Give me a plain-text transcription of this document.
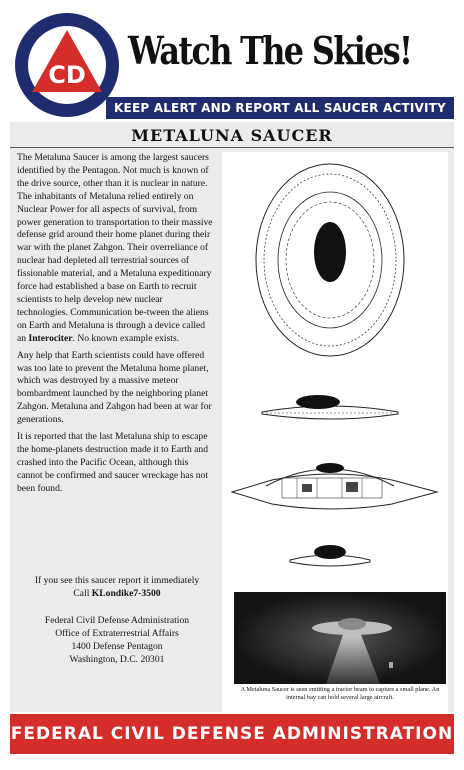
CD
Watch The Skies!
KEEP ALERT AND REPORT ALL SAUCER ACTIVITY
METALUNA SAUCER

The Metaluna Saucer is among the largest saucers identified by the Pentagon. Not much is known of the drive source, other than it is nuclear in nature. The inhabitants of Metaluna relied entirely on Nuclear Power for all aspects of survival, from power generation to transportation to their massive defense grid around their home planet during their war with the planet Zahgon. Their overreliance of nuclear had depleted all terrestrial sources of fissionable material, and a Metaluna expeditionary force had established a base on Earth to recruit scientists to help develop new nuclear technologies. Communication be-tween the aliens on Earth and Metaluna is through a device called an Interociter. No known example exists.

Any help that Earth scientists could have offered was too late to prevent the Metaluna home planet, which was destroyed by a massive meteor bombardment launched by the neighboring planet Zahgon. Metaluna and Zahgon had been at war for generations.

It is reported that the last Metaluna ship to escape the home-planets destruction made it to Earth and crashed into the Pacific Ocean, although this cannot be confirmed and saucer wreckage has not been found.

If you see this saucer report it immediately
Call KLondike7-3500
Federal Civil Defense Administration
Office of Extraterrestrial Affairs
1400 Defense Pentagon
Washington, D.C. 20301
A Metaluna Saucer is seen emitting a tractor beam to capture a small plane. An internal bay can hold several large aircraft.
FEDERAL CIVIL DEFENSE ADMINISTRATION
